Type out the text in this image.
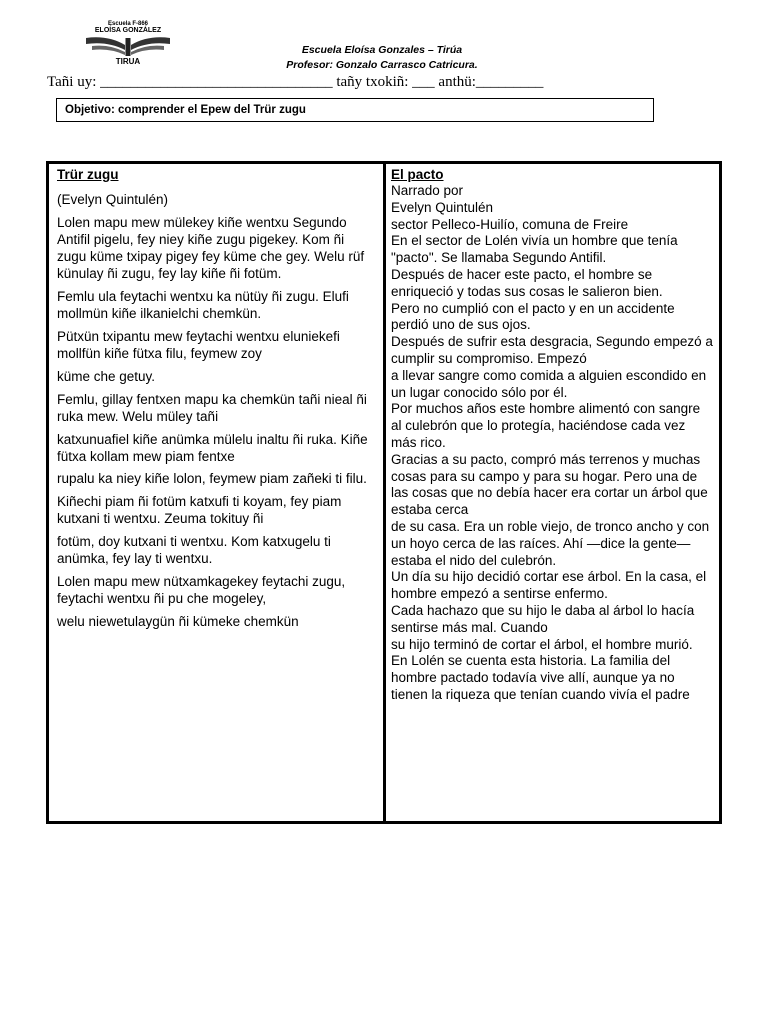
Escuela F-866
ELOÍSA GONZÁLEZ
TIRUA
Escuela Eloísa Gonzales – Tirúa
Profesor: Gonzalo Carrasco Catricura.
Tañi uy: _______________________________ tañy txokiñ: ___ anthü:_________
Objetivo: comprender el Epew del Trür zugu
Trür zugu

(Evelyn Quintulén)

Lolen mapu mew mülekey kiñe wentxu Segundo Antifil pigelu, fey niey kiñe zugu pigekey. Kom ñi zugu küme txipay pigey fey küme che gey. Welu rüf künulay ñi zugu, fey lay kiñe ñi fotüm.

Femlu ula feytachi wentxu ka nütüy ñi zugu. Elufi mollmün kiñe ilkanielchi chemkün.

Pütxün txipantu mew feytachi wentxu eluniekefi mollfün kiñe fütxa filu, feymew zoy

küme che getuy.

Femlu, gillay fentxen mapu ka chemkün tañi nieal ñi ruka mew. Welu müley tañi

katxunuafiel kiñe anümka mülelu inaltu ñi ruka. Kiñe fütxa kollam mew piam fentxe

rupalu ka niey kiñe lolon, feymew piam zañeki ti filu.

Kiñechi piam ñi fotüm katxufi ti koyam, fey piam kutxani ti wentxu. Zeuma tokituy ñi

fotüm, doy kutxani ti wentxu. Kom katxugelu ti anümka, fey lay ti wentxu.

Lolen mapu mew nütxamkagekey feytachi zugu, feytachi wentxu ñi pu che mogeley,

welu niewetulaygün ñi kümeke chemkün

El pacto

Narrado por
Evelyn Quintulén
sector Pelleco-Huilío, comuna de Freire
En el sector de Lolén vivía un hombre que tenía "pacto". Se llamaba Segundo Antifil.
Después de hacer este pacto, el hombre se enriqueció y todas sus cosas le salieron bien.
Pero no cumplió con el pacto y en un accidente perdió uno de sus ojos.
Después de sufrir esta desgracia, Segundo empezó a cumplir su compromiso. Empezó
a llevar sangre como comida a alguien escondido en un lugar conocido sólo por él.
Por muchos años este hombre alimentó con sangre al culebrón que lo protegía, haciéndose cada vez más rico.
Gracias a su pacto, compró más terrenos y muchas cosas para su campo y para su hogar. Pero una de las cosas que no debía hacer era cortar un árbol que estaba cerca
de su casa. Era un roble viejo, de tronco ancho y con un hoyo cerca de las raíces. Ahí —dice la gente— estaba el nido del culebrón.
Un día su hijo decidió cortar ese árbol. En la casa, el hombre empezó a sentirse enfermo.
Cada hachazo que su hijo le daba al árbol lo hacía sentirse más mal. Cuando
su hijo terminó de cortar el árbol, el hombre murió.
En Lolén se cuenta esta historia. La familia del hombre pactado todavía vive allí, aunque ya no tienen la riqueza que tenían cuando vivía el padre
